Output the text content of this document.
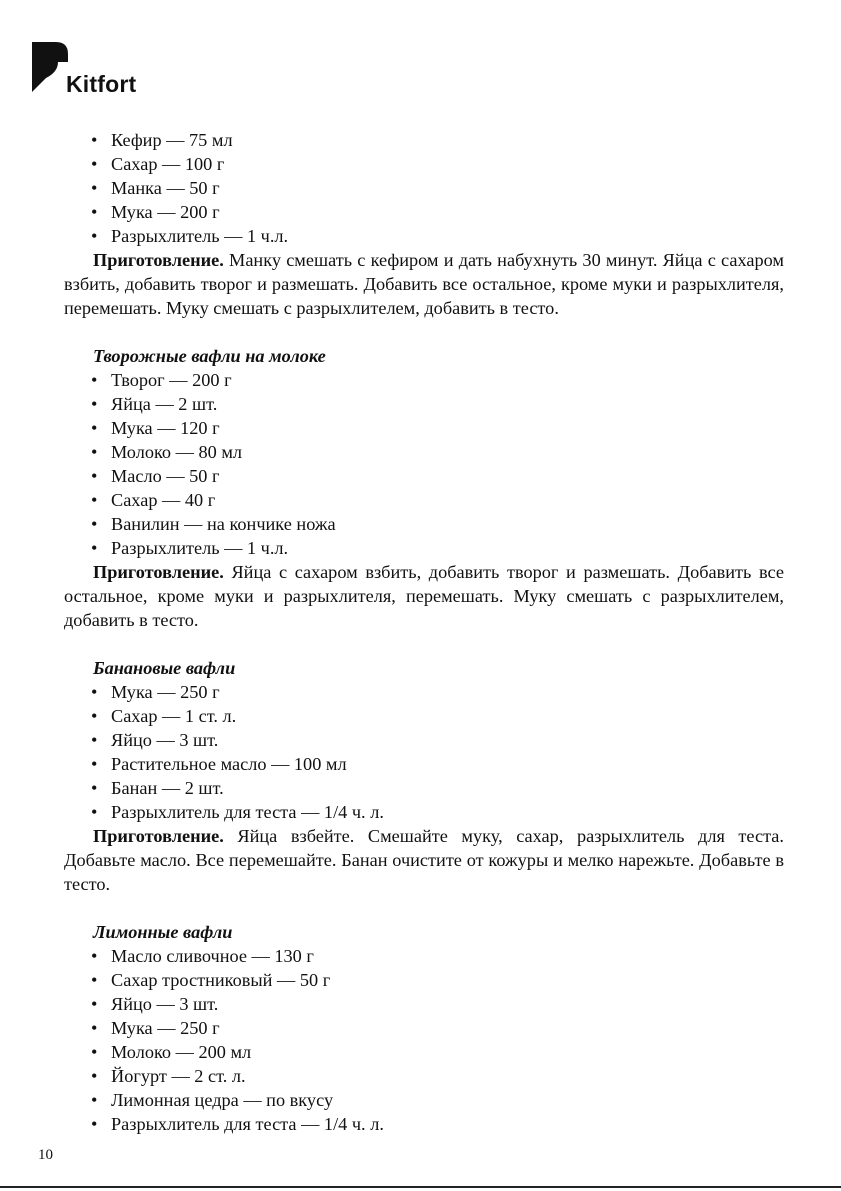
Kitfort
• Кефир — 75 мл
• Сахар — 100 г
• Манка — 50 г
• Мука — 200 г
• Разрыхлитель — 1 ч.л.

Приготовление. Манку смешать с кефиром и дать набухнуть 30 минут. Яйца с сахаром взбить, добавить творог и размешать. Добавить все остальное, кроме муки и разрыхлителя, перемешать. Муку смешать с разрыхлителем, добавить в тесто.

Творожные вафли на молоке
• Творог — 200 г
• Яйца — 2 шт.
• Мука — 120 г
• Молоко — 80 мл
• Масло — 50 г
• Сахар — 40 г
• Ванилин — на кончике ножа
• Разрыхлитель — 1 ч.л.

Приготовление. Яйца с сахаром взбить, добавить творог и размешать. Добавить все остальное, кроме муки и разрыхлителя, перемешать. Муку смешать с разрыхлителем, добавить в тесто.

Банановые вафли
• Мука — 250 г
• Сахар — 1 ст. л.
• Яйцо — 3 шт.
• Растительное масло — 100 мл
• Банан — 2 шт.
• Разрыхлитель для теста — 1/4 ч. л.

Приготовление. Яйца взбейте. Смешайте муку, сахар, разрыхлитель для теста. Добавьте масло. Все перемешайте. Банан очистите от кожуры и мелко нарежьте. Добавьте в тесто.

Лимонные вафли
• Масло сливочное — 130 г
• Сахар тростниковый — 50 г
• Яйцо — 3 шт.
• Мука — 250 г
• Молоко — 200 мл
• Йогурт — 2 ст. л.
• Лимонная цедра — по вкусу
• Разрыхлитель для теста — 1/4 ч. л.
10
